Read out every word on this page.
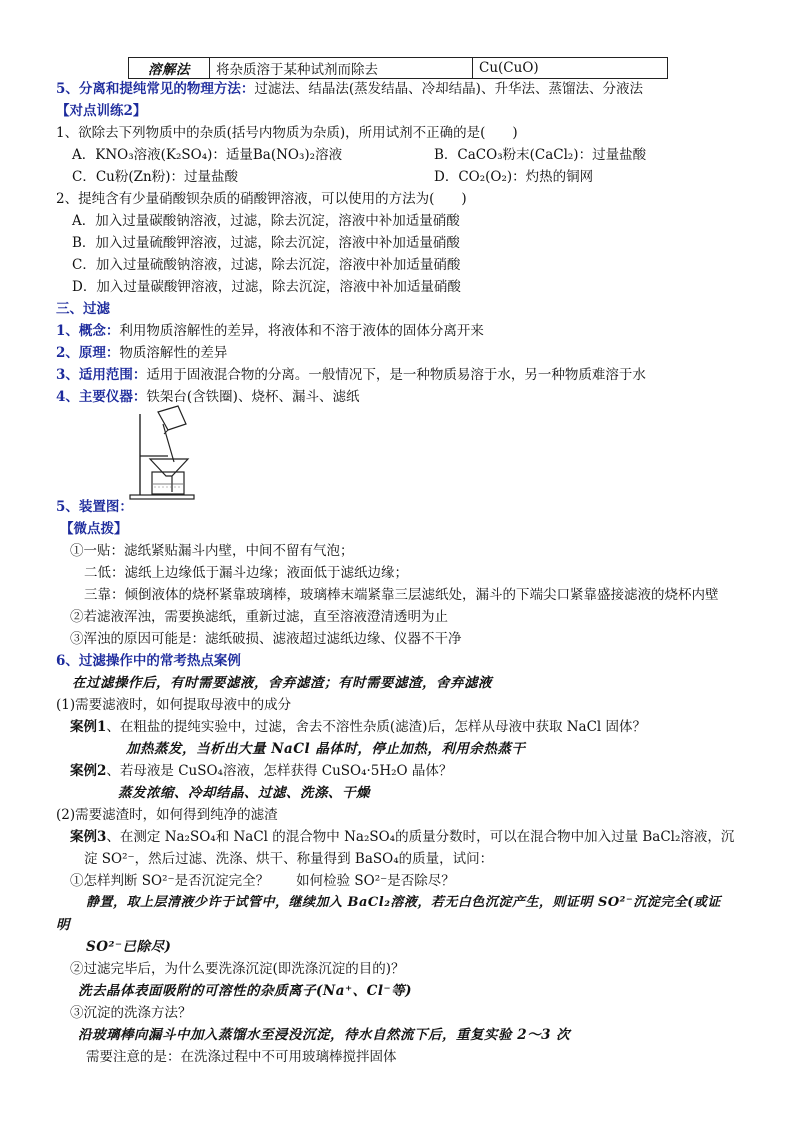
溶解法	将杂质溶于某种试剂而除去	Cu(CuO)
5、分离和提纯常见的物理方法：过滤法、结晶法(蒸发结晶、冷却结晶)、升华法、蒸馏法、分液法
【对点训练2】
1、欲除去下列物质中的杂质(括号内物质为杂质)，所用试剂不正确的是(　　)
A．KNO₃溶液(K₂SO₄)：适量Ba(NO₃)₂溶液	B．CaCO₃粉末(CaCl₂)：过量盐酸
C．Cu粉(Zn粉)：过量盐酸	D．CO₂(O₂)：灼热的铜网
2、提纯含有少量硝酸钡杂质的硝酸钾溶液，可以使用的方法为(　　)
A．加入过量碳酸钠溶液，过滤，除去沉淀，溶液中补加适量硝酸
B．加入过量硫酸钾溶液，过滤，除去沉淀，溶液中补加适量硝酸
C．加入过量硫酸钠溶液，过滤，除去沉淀，溶液中补加适量硝酸
D．加入过量碳酸钾溶液，过滤，除去沉淀，溶液中补加适量硝酸
三、过滤
1、概念：利用物质溶解性的差异，将液体和不溶于液体的固体分离开来
2、原理：物质溶解性的差异
3、适用范围：适用于固液混合物的分离。一般情况下，是一种物质易溶于水，另一种物质难溶于水
4、主要仪器：铁架台(含铁圈)、烧杯、漏斗、滤纸
5、装置图：
【微点拨】
①一贴：滤纸紧贴漏斗内壁，中间不留有气泡；
二低：滤纸上边缘低于漏斗边缘；液面低于滤纸边缘；
三靠：倾倒液体的烧杯紧靠玻璃棒，玻璃棒末端紧靠三层滤纸处，漏斗的下端尖口紧靠盛接滤液的烧杯内壁
②若滤液浑浊，需要换滤纸，重新过滤，直至溶液澄清透明为止
③浑浊的原因可能是：滤纸破损、滤液超过滤纸边缘、仪器不干净
6、过滤操作中的常考热点案例
在过滤操作后，有时需要滤液，舍弃滤渣；有时需要滤渣，舍弃滤液
(1)需要滤液时，如何提取母液中的成分
案例1、在粗盐的提纯实验中，过滤，舍去不溶性杂质(滤渣)后，怎样从母液中获取 NaCl 固体？
加热蒸发，当析出大量 NaCl 晶体时，停止加热，利用余热蒸干
案例2、若母液是 CuSO₄溶液，怎样获得 CuSO₄·5H₂O 晶体？
蒸发浓缩、冷却结晶、过滤、洗涤、干燥
(2)需要滤渣时，如何得到纯净的滤渣
案例3、在测定 Na₂SO₄和 NaCl 的混合物中 Na₂SO₄的质量分数时，可以在混合物中加入过量 BaCl₂溶液，沉
淀 SO²⁻，然后过滤、洗涤、烘干、称量得到 BaSO₄的质量，试问：
①怎样判断 SO²⁻是否沉淀完全？　　如何检验 SO²⁻是否除尽？
静置，取上层清液少许于试管中，继续加入 BaCl₂溶液，若无白色沉淀产生，则证明 SO²⁻沉淀完全(或证
明
SO²⁻已除尽)
②过滤完毕后，为什么要洗涤沉淀(即洗涤沉淀的目的)？
洗去晶体表面吸附的可溶性的杂质离子(Na⁺、Cl⁻等)
③沉淀的洗涤方法？
沿玻璃棒向漏斗中加入蒸馏水至浸没沉淀，待水自然流下后，重复实验 2～3 次
需要注意的是：在洗涤过程中不可用玻璃棒搅拌固体
